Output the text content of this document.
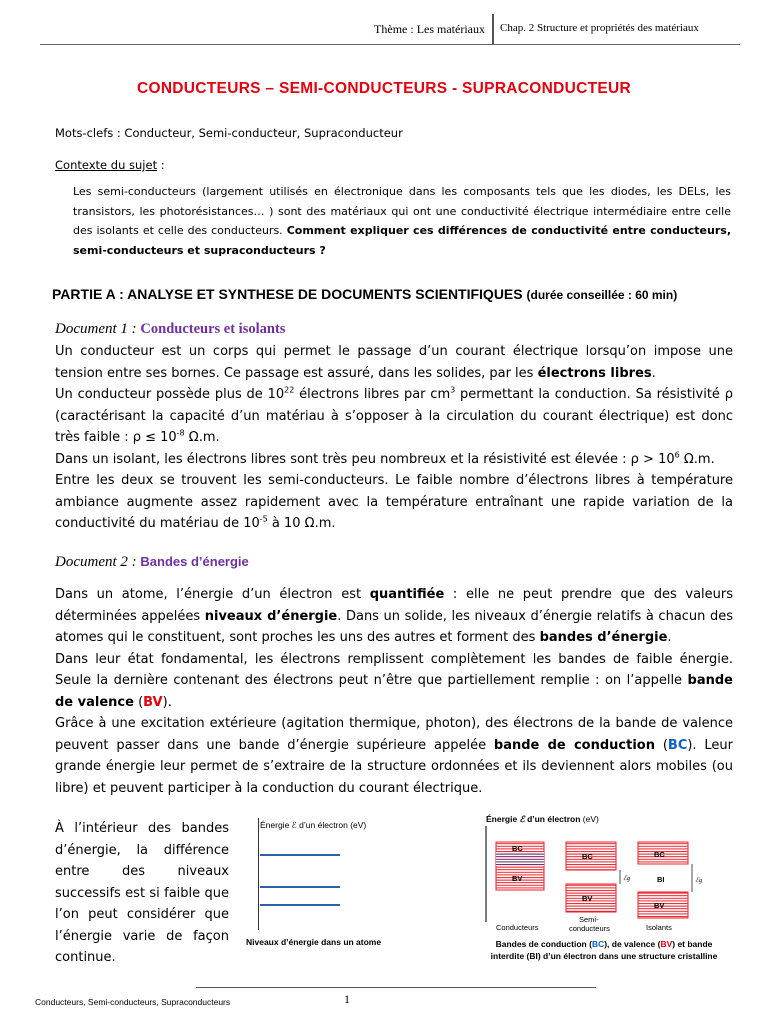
Thème : Les matériaux Chap. 2 Structure et propriétés des matériaux
CONDUCTEURS – SEMI-CONDUCTEURS - SUPRACONDUCTEUR
Mots-clefs : Conducteur, Semi-conducteur, Supraconducteur
Contexte du sujet :
Les semi-conducteurs (largement utilisés en électronique dans les composants tels que les diodes, les DELs, les transistors, les photorésistances… ) sont des matériaux qui ont une conductivité électrique intermédiaire entre celle des isolants et celle des conducteurs. Comment expliquer ces différences de conductivité entre conducteurs, semi-conducteurs et supraconducteurs ?
PARTIE A : ANALYSE ET SYNTHESE DE DOCUMENTS SCIENTIFIQUES (durée conseillée : 60 min)
Document 1 : Conducteurs et isolants
Un conducteur est un corps qui permet le passage d’un courant électrique lorsqu’on impose une tension entre ses bornes. Ce passage est assuré, dans les solides, par les électrons libres.
Un conducteur possède plus de $10^{22}$ électrons libres par $cm^3$ permettant la conduction. Sa résistivité ρ (caractérisant la capacité d’un matériau à s’opposer à la circulation du courant électrique) est donc très faible : $\rho \le 10^{-8}$ Ω.m.
Dans un isolant, les électrons libres sont très peu nombreux et la résistivité est élevée : $\rho > 10^6$ Ω.m.
Entre les deux se trouvent les semi-conducteurs. Le faible nombre d’électrons libres à température ambiance augmente assez rapidement avec la température entraînant une rapide variation de la conductivité du matériau de $10^{-5}$ à 10 Ω.m.
Document 2 : Bandes d’énergie
Dans un atome, l’énergie d’un électron est quantifiée : elle ne peut prendre que des valeurs déterminées appelées niveaux d’énergie. Dans un solide, les niveaux d’énergie relatifs à chacun des atomes qui le constituent, sont proches les uns des autres et forment des bandes d’énergie.
Dans leur état fondamental, les électrons remplissent complètement les bandes de faible énergie. Seule la dernière contenant des électrons peut n’être que partiellement remplie : on l’appelle bande de valence (BV).
Grâce à une excitation extérieure (agitation thermique, photon), des électrons de la bande de valence peuvent passer dans une bande d’énergie supérieure appelée bande de conduction (BC). Leur grande énergie leur permet de s’extraire de la structure ordonnées et ils deviennent alors mobiles (ou libre) et peuvent participer à la conduction du courant électrique.
À l’intérieur des bandes d’énergie, la différence entre des niveaux successifs est si faible que l’on peut considérer que l’énergie varie de façon continue.
Énergie ℰ d’un électron (eV)
Niveaux d’énergie dans un atome
Énergie ℰ d’un électron (eV)
BC
BV
BC
BV
ℰg
BC
BI
BV
ℰg
Conducteurs
Semi-
conducteurs	Isolants
Bandes de conduction (BC), de valence (BV) et bande
interdite (BI) d’un électron dans une structure cristalline
Conducteurs, Semi-conducteurs, Supraconducteurs	1
